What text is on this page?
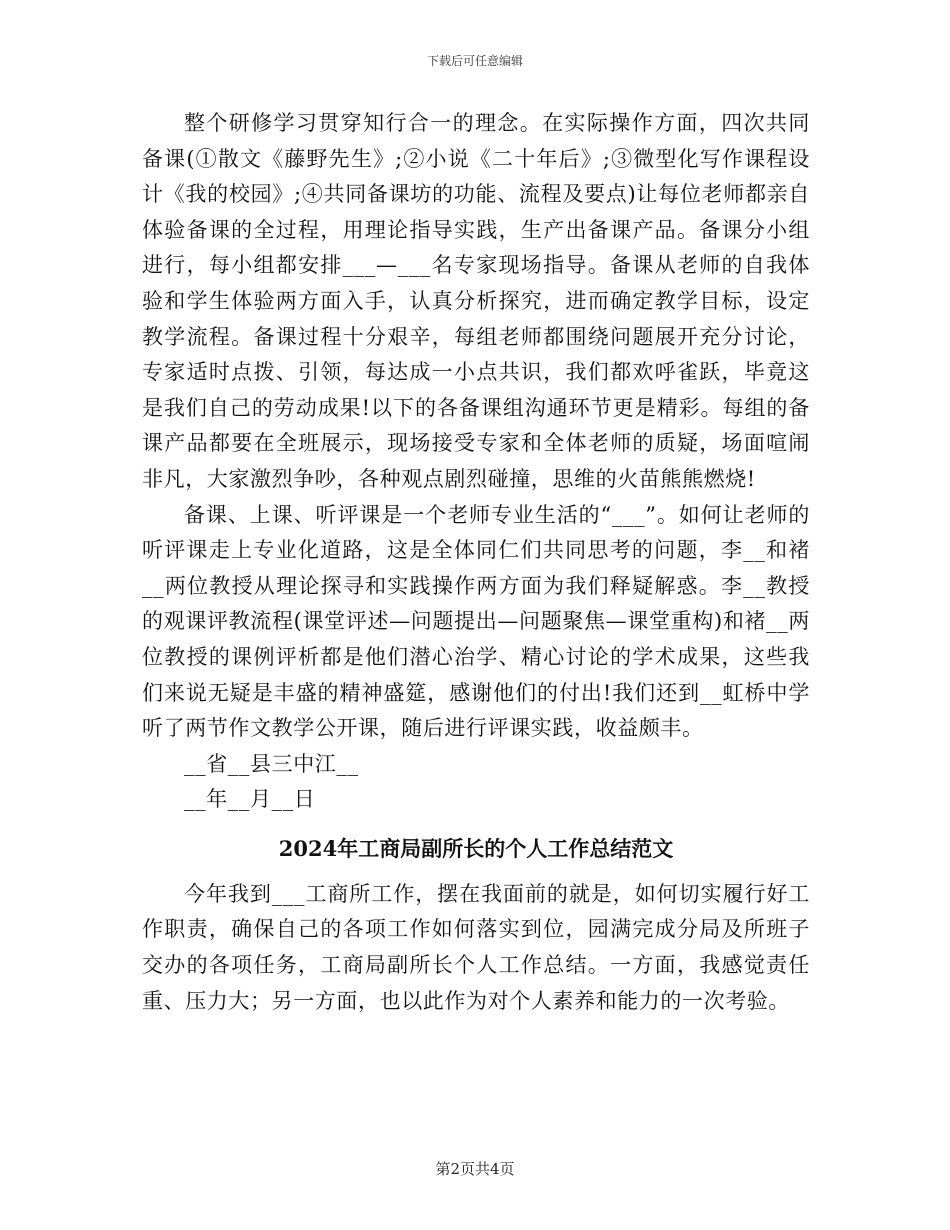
下载后可任意编辑

整个研修学习贯穿知行合一的理念。在实际操作方面，四次共同备课(①散文《藤野先生》;②小说《二十年后》;③微型化写作课程设计《我的校园》;④共同备课坊的功能、流程及要点)让每位老师都亲自体验备课的全过程，用理论指导实践，生产出备课产品。备课分小组进行，每小组都安排___—___名专家现场指导。备课从老师的自我体验和学生体验两方面入手，认真分析探究，进而确定教学目标，设定教学流程。备课过程十分艰辛，每组老师都围绕问题展开充分讨论，专家适时点拨、引领，每达成一小点共识，我们都欢呼雀跃，毕竟这是我们自己的劳动成果!以下的各备课组沟通环节更是精彩。每组的备课产品都要在全班展示，现场接受专家和全体老师的质疑，场面喧闹非凡，大家激烈争吵，各种观点剧烈碰撞，思维的火苗熊熊燃烧!

备课、上课、听评课是一个老师专业生活的“___”。如何让老师的听评课走上专业化道路，这是全体同仁们共同思考的问题，李__和褚__两位教授从理论探寻和实践操作两方面为我们释疑解惑。李__教授的观课评教流程(课堂评述—问题提出—问题聚焦—课堂重构)和褚__两位教授的课例评析都是他们潜心治学、精心讨论的学术成果，这些我们来说无疑是丰盛的精神盛筵，感谢他们的付出!我们还到__虹桥中学听了两节作文教学公开课，随后进行评课实践，收益颇丰。

__省__县三中江__

__年__月__日

2024年工商局副所长的个人工作总结范文

今年我到___工商所工作，摆在我面前的就是，如何切实履行好工作职责，确保自己的各项工作如何落实到位，园满完成分局及所班子交办的各项任务，工商局副所长个人工作总结。一方面，我感觉责任重、压力大；另一方面，也以此作为对个人素养和能力的一次考验。

第2页共4页
